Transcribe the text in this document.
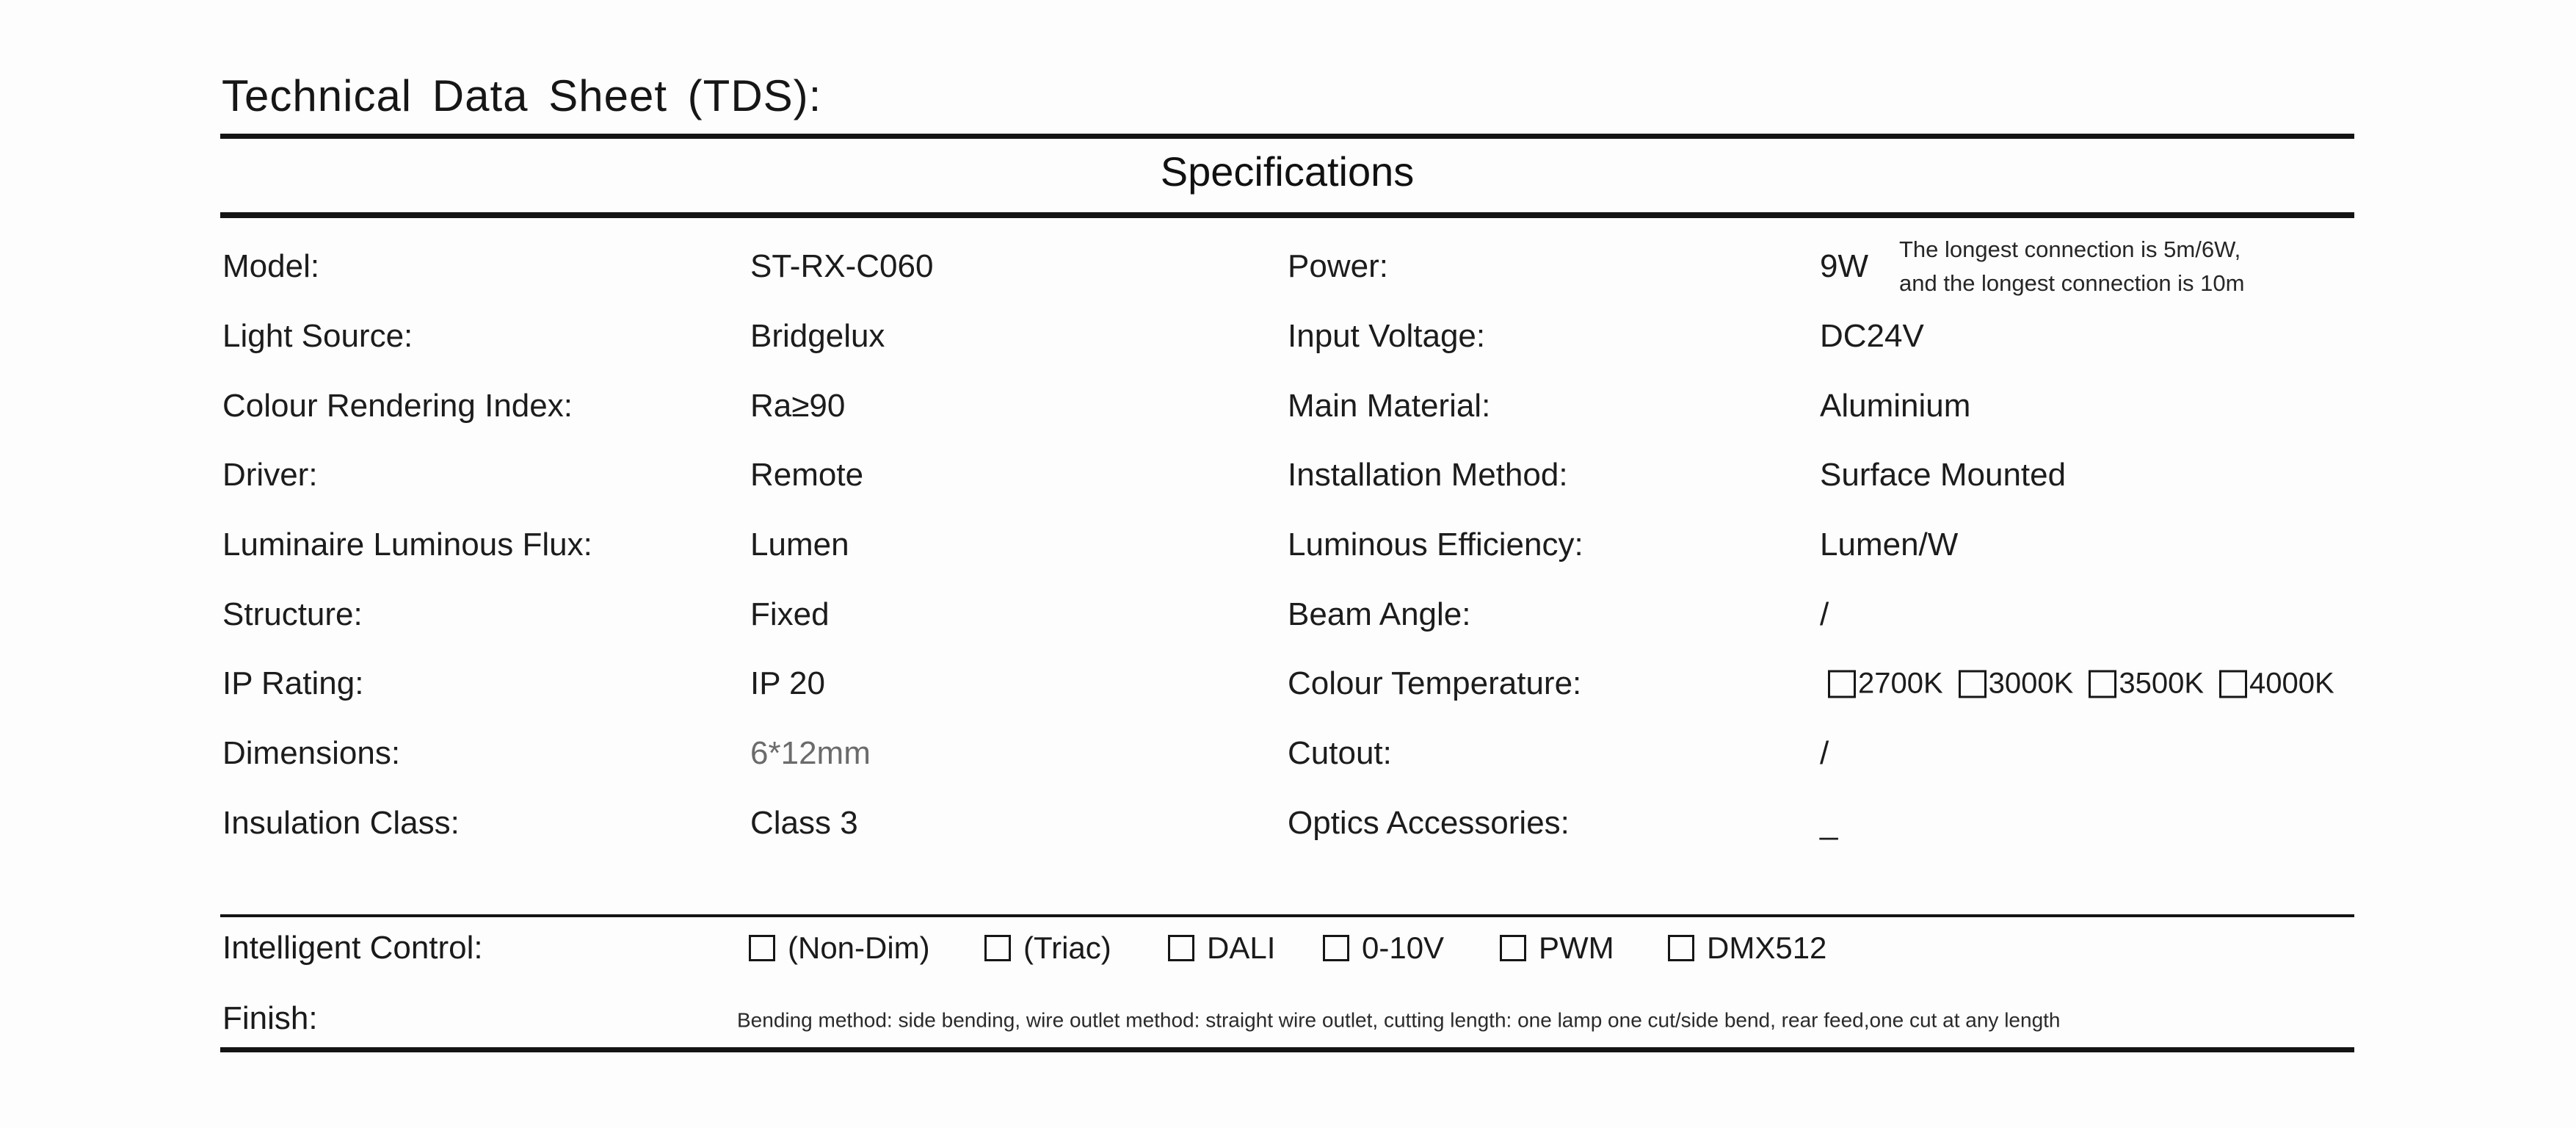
Technical Data Sheet (TDS):
Specifications
Model:	ST-RX-C060	Power:	9W The longest connection is 5m/6W,
and the longest connection is 10m
Light Source:	Bridgelux	Input Voltage:	DC24V
Colour Rendering Index:	Ra≥90	Main Material:	Aluminium
Driver:	Remote	Installation Method:	Surface Mounted
Luminaire Luminous Flux:	Lumen	Luminous Efficiency:	Lumen/W
Structure:	Fixed	Beam Angle:	/
IP Rating:	IP 20	Colour Temperature:	2700K 3000K 3500K 4000K
Dimensions:	6*12mm	Cutout:	/
Insulation Class:	Class 3	Optics Accessories:	_
Intelligent Control:	(Non-Dim)	(Triac)	DALI	0-10V	PWM	DMX512
Finish:	Bending method: side bending, wire outlet method: straight wire outlet, cutting length: one lamp one cut/side bend, rear feed,one cut at any length
